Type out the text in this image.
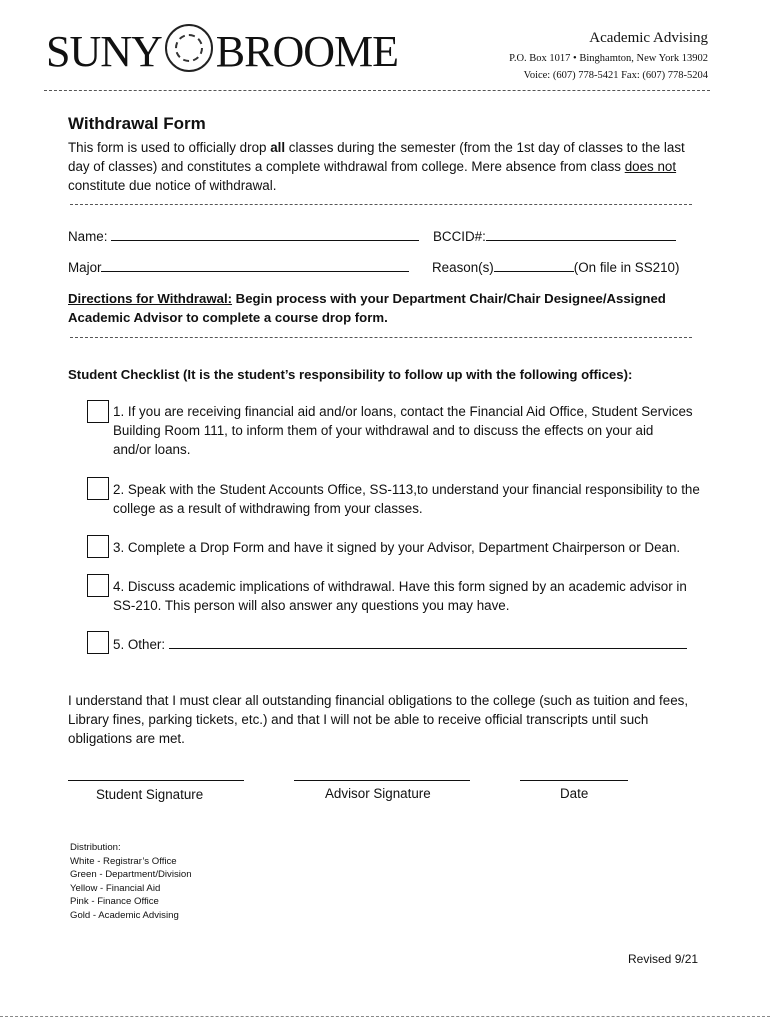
SUNY BROOME	Academic Advising
P.O. Box 1017 • Binghamton, New York 13902
Voice: (607) 778-5421 Fax: (607) 778-5204
Withdrawal Form
This form is used to officially drop all classes during the semester (from the 1st day of classes to the last day of classes) and constitutes a complete withdrawal from college. Mere absence from class does not constitute due notice of withdrawal.
Name:	BCCID#:
Major	Reason(s)	(On file in SS210)
Directions for Withdrawal: Begin process with your Department Chair/Chair Designee/Assigned Academic Advisor to complete a course drop form.
Student Checklist (It is the student’s responsibility to follow up with the following offices):
1. If you are receiving financial aid and/or loans, contact the Financial Aid Office, Student Services Building Room 111, to inform them of your withdrawal and to discuss the effects on your aid and/or loans.
2. Speak with the Student Accounts Office, SS-113,to understand your financial responsibility to the college as a result of withdrawing from your classes.
3. Complete a Drop Form and have it signed by your Advisor, Department Chairperson or Dean.
4. Discuss academic implications of withdrawal. Have this form signed by an academic advisor in SS-210. This person will also answer any questions you may have.
5. Other:
I understand that I must clear all outstanding financial obligations to the college (such as tuition and fees, Library fines, parking tickets, etc.) and that I will not be able to receive official transcripts until such obligations are met.
Student Signature	Advisor Signature	Date
Distribution:
White - Registrar’s Office
Green - Department/Division
Yellow - Financial Aid
Pink - Finance Office
Gold - Academic Advising
Revised 9/21
